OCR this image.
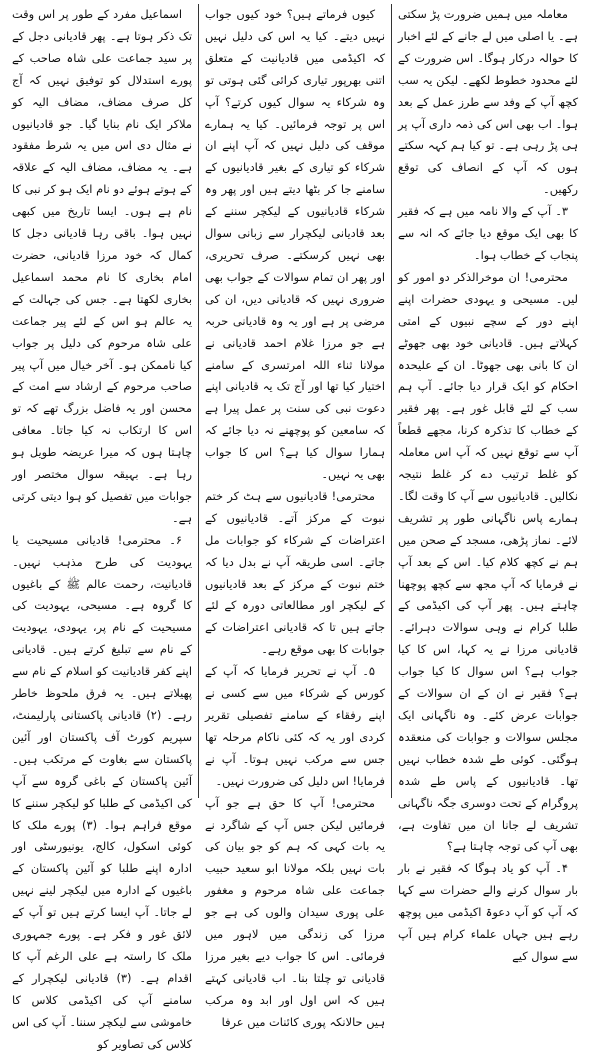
معاملہ میں ہمیں ضرورت پڑ سکتی ہے۔ یا اصلی میں لے جانے کے لئے اخبار کا حوالہ درکار ہوگا۔ اس ضرورت کے لئے محدود خطوط لکھے۔ لیکن یہ سب کچھ آپ کے وفد سے طرز عمل کے بعد ہوا۔ اب بھی اس کی ذمہ داری آپ پر ہی پڑ رہی ہے۔ تو کیا ہم کہہ سکتے ہوں کہ آپ کے انصاف کی توقع رکھیں۔

۳۔ آپ کے والا نامہ میں ہے کہ فقیر کا بھی ایک موقع دیا جائے کہ انہ سے پنجاب کے خطاب ہوا۔

محترمی! ان موخرالذکر دو امور کو لیں۔ مسیحی و یہودی حضرات اپنے اپنے دور کے سچے نبیوں کے امتی کہلاتے ہیں۔ قادیانی خود بھی جھوٹے ان کا بانی بھی جھوٹا۔ ان کے علیحدہ احکام کو ایک قرار دیا جائے۔ آپ ہم سب کے لئے قابل غور ہے۔ پھر فقیر کے خطاب کا تذکرہ کرنا، مجھے قطعاً آپ سے توقع نہیں کہ آپ اس معاملہ کو غلط ترتیب دے کر غلط نتیجہ نکالیں۔ قادیانیوں سے آپ کا وقت لگا۔ ہمارے پاس ناگہانی طور پر تشریف لائے۔ نماز پڑھی، مسجد کے صحن میں ہم نے کچھ کلام کیا۔ اس کے بعد آپ نے فرمایا کہ آپ مجھ سے کچھ پوچھنا چاہتے ہیں۔ پھر آپ کی اکیڈمی کے طلبا کرام نے وہی سوالات دہرائے۔ قادیانی مرزا نے یہ کہا، اس کا کیا جواب ہے؟ اس سوال کا کیا جواب ہے؟ فقیر نے ان کے ان سوالات کے جوابات عرض کئے۔ وہ ناگہانی ایک مجلس سوالات و جوابات کی منعقدہ ہوگئی۔ کوئی طے شدہ خطاب نہیں تھا۔ قادیانیوں کے پاس طے شدہ پروگرام کے تحت دوسری جگہ ناگہانی تشریف لے جانا ان میں تفاوت ہے، بھی آپ کی توجہ چاہتا ہے؟

۴۔ آپ کو یاد ہوگا کہ فقیر نے بار بار سوال کرنے والے حضرات سے کہا کہ آپ کو آپ دعوۃ اکیڈمی میں پوچھ رہے ہیں جہاں علماء کرام ہیں آپ سے سوال کیے

کیوں فرماتے ہیں؟ خود کیوں جواب نہیں دیتے۔ کیا یہ اس کی دلیل نہیں کہ اکیڈمی میں قادیانیت کے متعلق اتنی بھرپور تیاری کرائی گئی ہوتی تو وہ شرکاء یہ سوال کیوں کرتے؟ آپ اس پر توجہ فرمائیں۔ کیا یہ ہمارے موقف کی دلیل نہیں کہ آپ اپنے ان شرکاء کو تیاری کے بغیر قادیانیوں کے سامنے جا کر بٹھا دیتے ہیں اور پھر وہ شرکاء قادیانیوں کے لیکچر سننے کے بعد قادیانی لیکچرار سے زبانی سوال بھی نہیں کرسکتے۔ صرف تحریری، اور پھر ان تمام سوالات کے جواب بھی ضروری نہیں کہ قادیانی دیں، ان کی مرضی پر ہے اور یہ وہ قادیانی حربہ ہے جو مرزا غلام احمد قادیانی نے مولانا ثناء اللہ امرتسری کے سامنے اختیار کیا تھا اور آج تک یہ قادیانی اپنے دعوت نبی کی سنت پر عمل پیرا ہے کہ سامعین کو پوچھنے نہ دیا جائے کہ ہمارا سوال کیا ہے؟ اس کا جواب بھی یہ نہیں۔

محترمی! قادیانیوں سے ہٹ کر ختم نبوت کے مرکز آتے۔ قادیانیوں کے اعتراضات کے شرکاء کو جوابات مل جاتے۔ اسی طریقہ آپ نے بدل دیا کہ ختم نبوت کے مرکز کے بعد قادیانیوں کے لیکچر اور مطالعاتی دورہ کے لئے جاتے ہیں تا کہ قادیانی اعتراضات کے جوابات کا بھی موقع رہے۔

۵۔ آپ نے تحریر فرمایا کہ آپ کے کورس کے شرکاء میں سے کسی نے اپنے رفقاء کے سامنے تفصیلی تقریر کردی اور یہ کہ کئی ناکام مرحلہ تھا جس سے مرکب نہیں ہوتا۔ آپ نے فرمایا! اس دلیل کی ضرورت نہیں۔

محترمی! آپ کا حق ہے جو آپ فرمائیں لیکن جس آپ کے شاگرد نے یہ بات کہی کہ ہم کو جو بیان کی بات نہیں بلکہ مولانا ابو سعید حبیب جماعت علی شاہ مرحوم و مغفور علی پوری سیدان والوں کی ہے جو مرزا کی زندگی میں لاہور میں فرمائی۔ اس کا جواب دیے بغیر مرزا قادیانی تو چلتا بنا۔ اب قادیانی کہتے ہیں کہ اس اول اور ابد وہ مرکب ہیں حالانکہ پوری کائنات میں عرفا

اسماعیل مفرد کے طور پر اس وقت تک ذکر ہوتا ہے۔ پھر قادیانی دجل کے پر سید جماعت علی شاہ صاحب کے پورے استدلال کو توفیق نہیں کہ آج کل صرف مضاف، مضاف الیہ کو ملاکر ایک نام بنایا گیا۔ جو قادیانیوں نے مثال دی اس میں یہ شرط مفقود ہے۔ یہ مضاف، مضاف الیہ کے علاقہ کے ہوتے ہوئے دو نام ایک ہو کر نبی کا نام ہے ہوں۔ ایسا تاریخ میں کبھی نہیں ہوا۔ باقی رہا قادیانی دجل کا کمال کہ خود مرزا قادیانی، حضرت امام بخاری کا نام محمد اسماعیل بخاری لکھتا ہے۔ جس کی جہالت کے یہ عالم ہو اس کے لئے پیر جماعت علی شاہ مرحوم کی دلیل پر جواب کیا ناممکن ہو۔ آخر خیال میں آپ پیر صاحب مرحوم کے ارشاد سے امت کے محسن اور یہ فاضل بزرگ تھے کہ تو اس کا ارتکاب نہ کیا جاتا۔ معافی چاہتا ہوں کہ میرا عریضہ طویل ہو رہا ہے۔ بہیقہ سوال مختصر اور جوابات میں تفصیل کو ہوا دیتی کرتی ہے۔

۶۔ محترمی! قادیانی مسیحیت یا یہودیت کی طرح مذہب نہیں۔ قادیانیت، رحمت عالم ﷺ کے باغیوں کا گروہ ہے۔ مسیحی، یہودیت کی مسیحیت کے نام پر، یہودی، یہودیت کے نام سے تبلیغ کرتے ہیں۔ قادیانی اپنے کفر قادیانیت کو اسلام کے نام سے پھیلاتے ہیں۔ یہ فرق ملحوظ خاطر رہے۔ (۲) قادیانی پاکستانی پارلیمنٹ، سپریم کورٹ آف پاکستان اور آئین پاکستان سے بغاوت کے مرتکب ہیں۔ آئین پاکستان کے باغی گروہ سے آپ کی اکیڈمی کے طلبا کو لیکچر سننے کا موقع فراہم ہوا۔ (۳) پورے ملک کا کوئی اسکول، کالج، یونیورسٹی اور ادارہ اپنے طلبا کو آئین پاکستان کے باغیوں کے ادارہ میں لیکچر لینے نہیں لے جاتا۔ آپ ایسا کرتے ہیں تو آپ کے لائق غور و فکر ہے۔ پورے جمہوری ملک کا راستہ ہے علی الرغم آپ کا اقدام ہے۔ (۳) قادیانی لیکچرار کے سامنے آپ کی اکیڈمی کلاس کا خاموشی سے لیکچر سننا۔ آپ کی اس کلاس کی تصاویر کو
